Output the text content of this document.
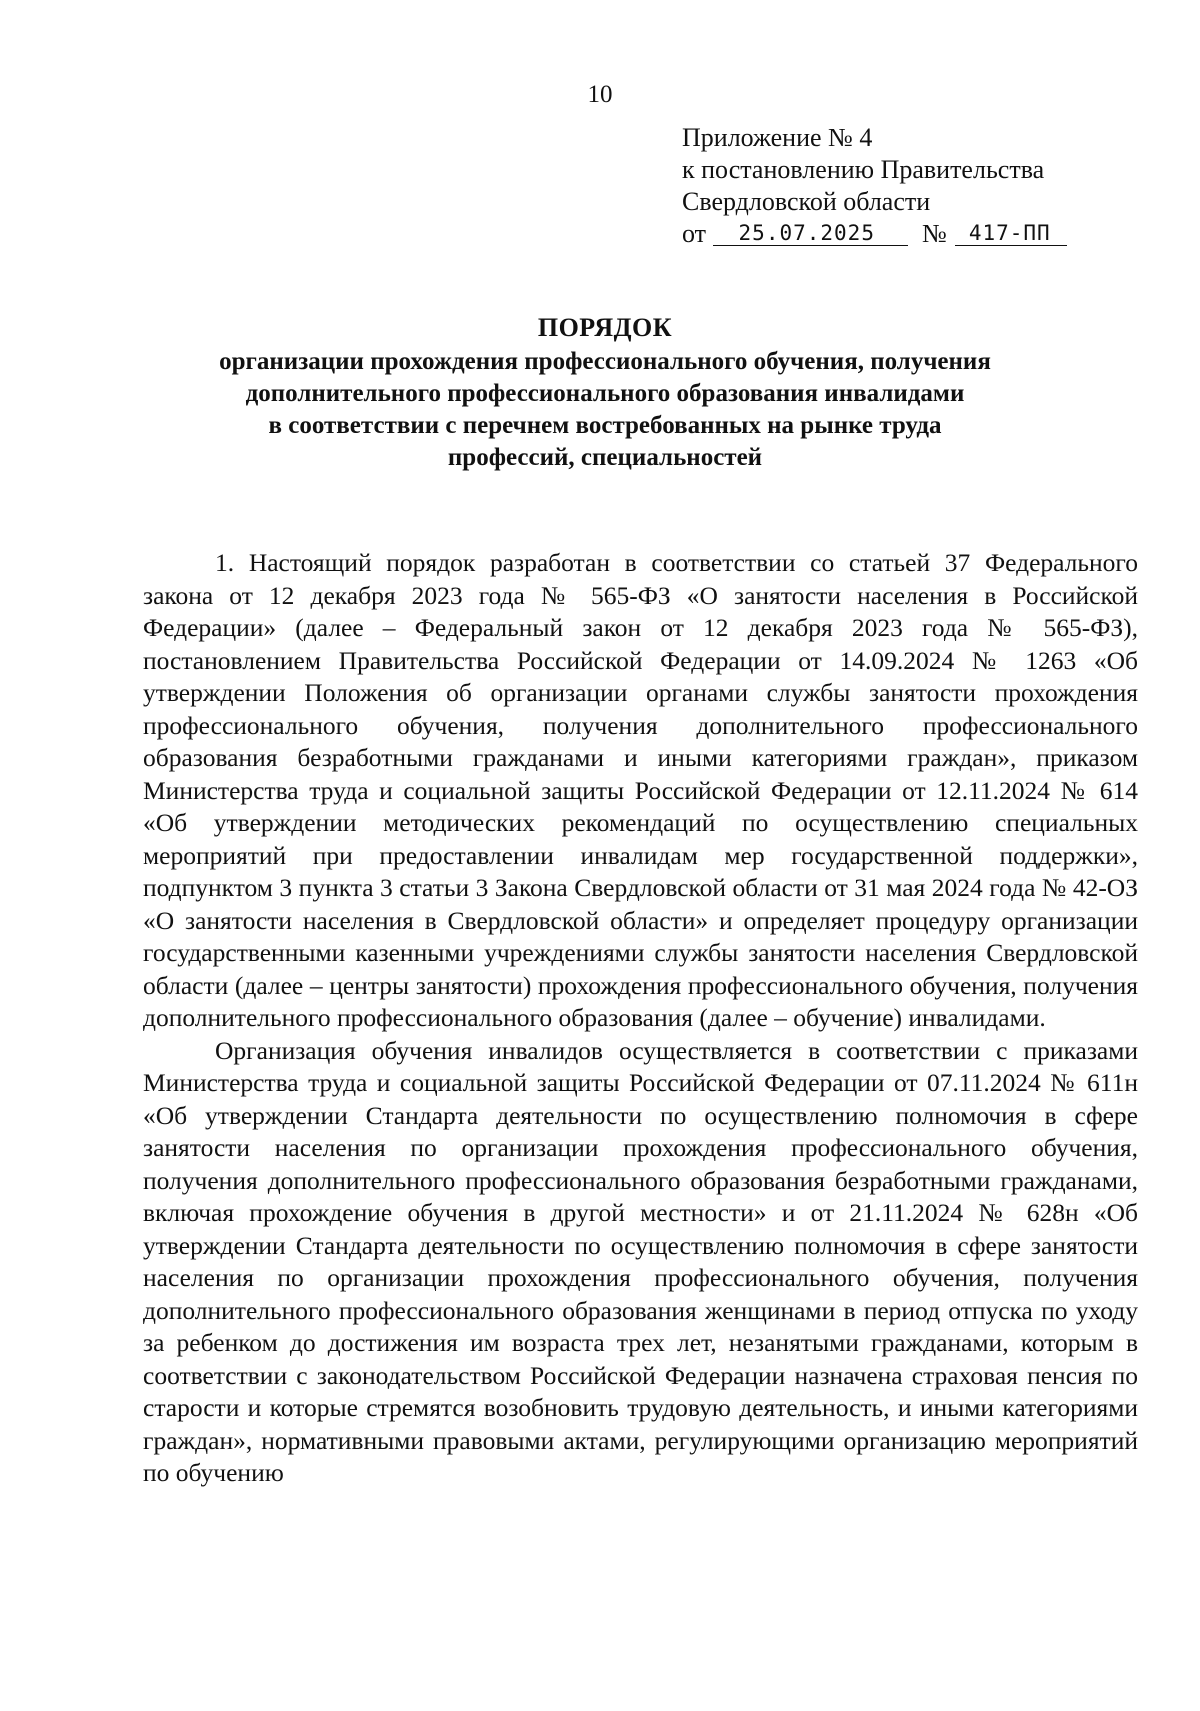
10
Приложение № 4
к постановлению Правительства
Свердловской области
от 25.07.2025 № 417-ПП
ПОРЯДОК
организации прохождения профессионального обучения, получения
дополнительного профессионального образования инвалидами
в соответствии с перечнем востребованных на рынке труда
профессий, специальностей

1. Настоящий порядок разработан в соответствии со статьей 37 Федерального закона от 12 декабря 2023 года № 565-ФЗ «О занятости населения в Российской Федерации» (далее – Федеральный закон от 12 декабря 2023 года № 565-ФЗ), постановлением Правительства Российской Федерации от 14.09.2024 № 1263 «Об утверждении Положения об организации органами службы занятости прохождения профессионального обучения, получения дополнительного профессионального образования безработными гражданами и иными категориями граждан», приказом Министерства труда и социальной защиты Российской Федерации от 12.11.2024 № 614 «Об утверждении методических рекомендаций по осуществлению специальных мероприятий при предоставлении инвалидам мер государственной поддержки», подпунктом 3 пункта 3 статьи 3 Закона Свердловской области от 31 мая 2024 года № 42-ОЗ «О занятости населения в Свердловской области» и определяет процедуру организации государственными казенными учреждениями службы занятости населения Свердловской области (далее – центры занятости) прохождения профессионального обучения, получения дополнительного профессионального образования (далее – обучение) инвалидами.

Организация обучения инвалидов осуществляется в соответствии с приказами Министерства труда и социальной защиты Российской Федерации от 07.11.2024 № 611н «Об утверждении Стандарта деятельности по осуществлению полномочия в сфере занятости населения по организации прохождения профессионального обучения, получения дополнительного профессионального образования безработными гражданами, включая прохождение обучения в другой местности» и от 21.11.2024 № 628н «Об утверждении Стандарта деятельности по осуществлению полномочия в сфере занятости населения по организации прохождения профессионального обучения, получения дополнительного профессионального образования женщинами в период отпуска по уходу за ребенком до достижения им возраста трех лет, незанятыми гражданами, которым в соответствии с законодательством Российской Федерации назначена страховая пенсия по старости и которые стремятся возобновить трудовую деятельность, и иными категориями граждан», нормативными правовыми актами, регулирующими организацию мероприятий по обучению
